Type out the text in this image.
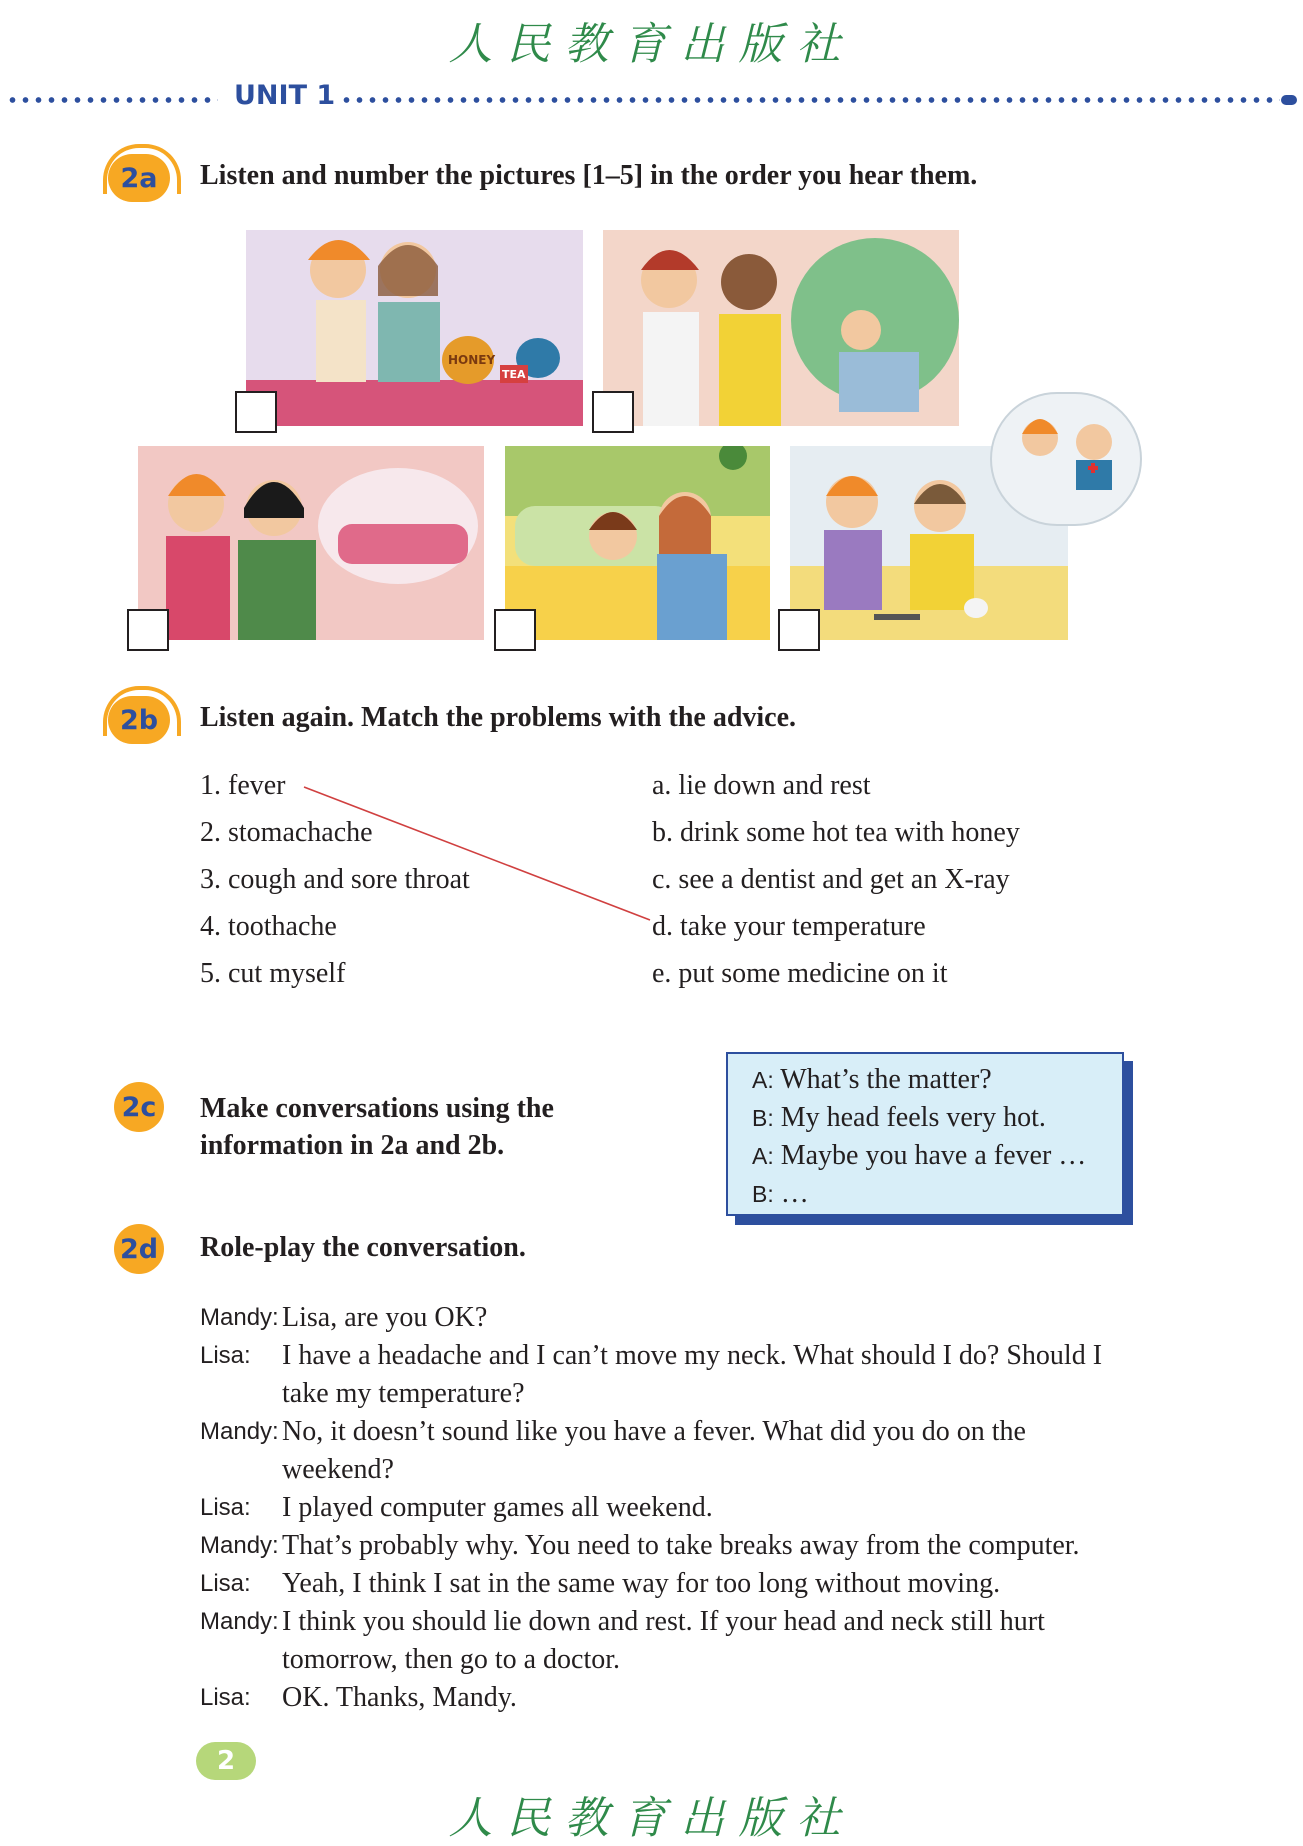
人民教育出版社
UNIT 1
2a Listen and number the pictures [1–5] in the order you hear them.
HONEY
TEA
2b Listen again. Match the problems with the advice.
1. fever
2. stomachache
3. cough and sore throat
4. toothache
5. cut myself
a. lie down and rest
b. drink some hot tea with honey
c. see a dentist and get an X-ray
d. take your temperature
e. put some medicine on it
2c Make conversations using the
information in 2a and 2b.
A: What’s the matter?
B: My head feels very hot.
A: Maybe you have a fever …
B: …
2d Role-play the conversation.
Mandy: Lisa, are you OK?
Lisa: I have a headache and I can’t move my neck. What should I do? Should I take my temperature?
Mandy: No, it doesn’t sound like you have a fever. What did you do on the weekend?
Lisa: I played computer games all weekend.
Mandy: That’s probably why. You need to take breaks away from the computer.
Lisa: Yeah, I think I sat in the same way for too long without moving.
Mandy: I think you should lie down and rest. If your head and neck still hurt tomorrow, then go to a doctor.
Lisa: OK. Thanks, Mandy.
2
人民教育出版社
